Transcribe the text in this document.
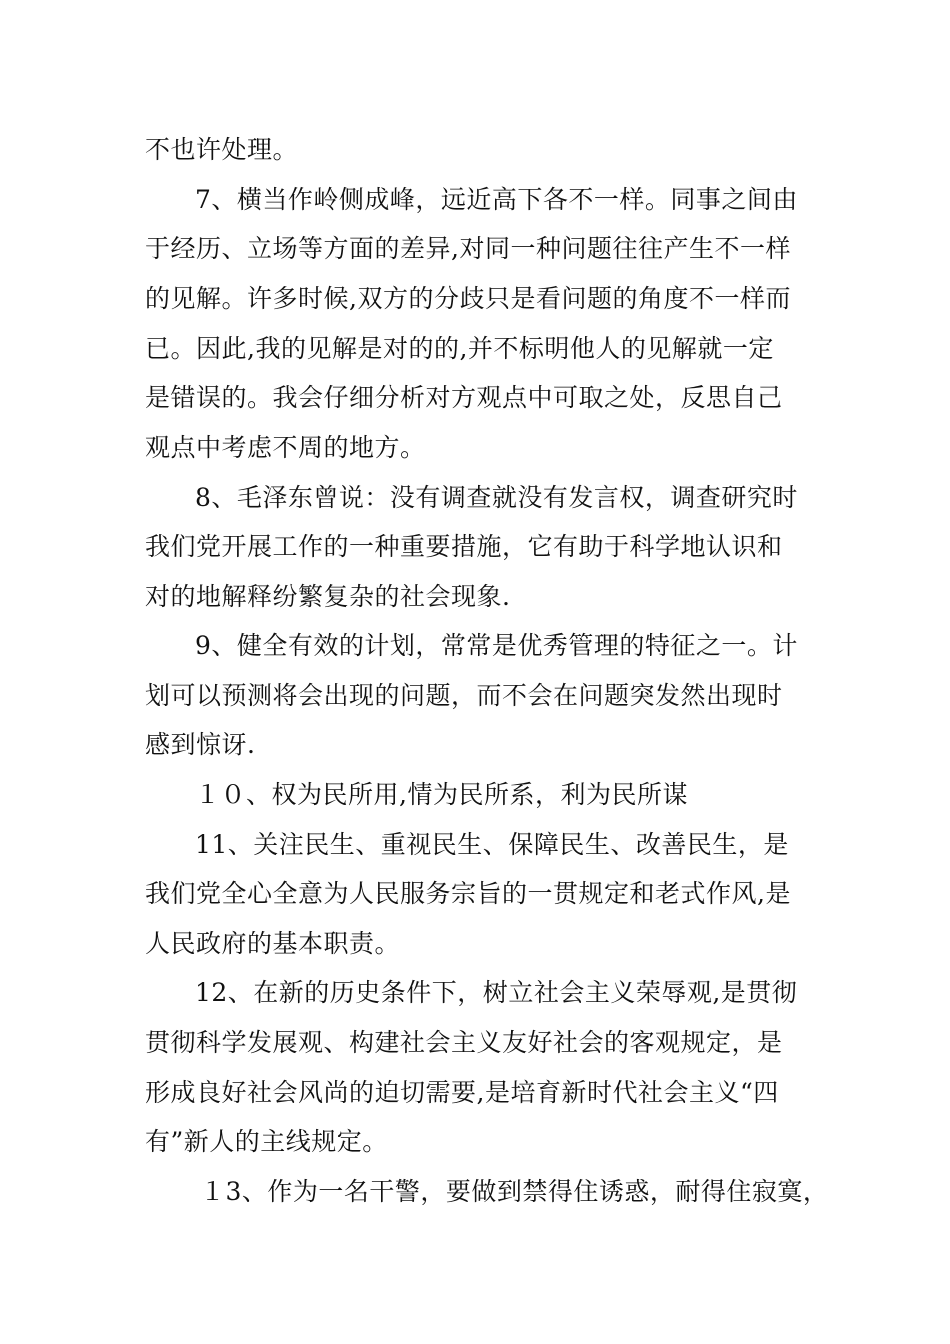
不也许处理。
7、横当作岭侧成峰，远近高下各不一样。同事之间由
于经历、立场等方面的差异,对同一种问题往往产生不一样
的见解。许多时候,双方的分歧只是看问题的角度不一样而
已。因此,我的见解是对的的,并不标明他人的见解就一定
是错误的。我会仔细分析对方观点中可取之处，反思自己
观点中考虑不周的地方。
8、毛泽东曾说：没有调查就没有发言权，调查研究时
我们党开展工作的一种重要措施，它有助于科学地认识和
对的地解释纷繁复杂的社会现象.
9、健全有效的计划，常常是优秀管理的特征之一。计
划可以预测将会出现的问题，而不会在问题突发然出现时
感到惊讶.
１０、权为民所用,情为民所系，利为民所谋
11、关注民生、重视民生、保障民生、改善民生，是
我们党全心全意为人民服务宗旨的一贯规定和老式作风,是
人民政府的基本职责。
12、在新的历史条件下，树立社会主义荣辱观,是贯彻
贯彻科学发展观、构建社会主义友好社会的客观规定，是
形成良好社会风尚的迫切需要,是培育新时代社会主义“四
有”新人的主线规定。
１3、作为一名干警，要做到禁得住诱惑，耐得住寂寞，
